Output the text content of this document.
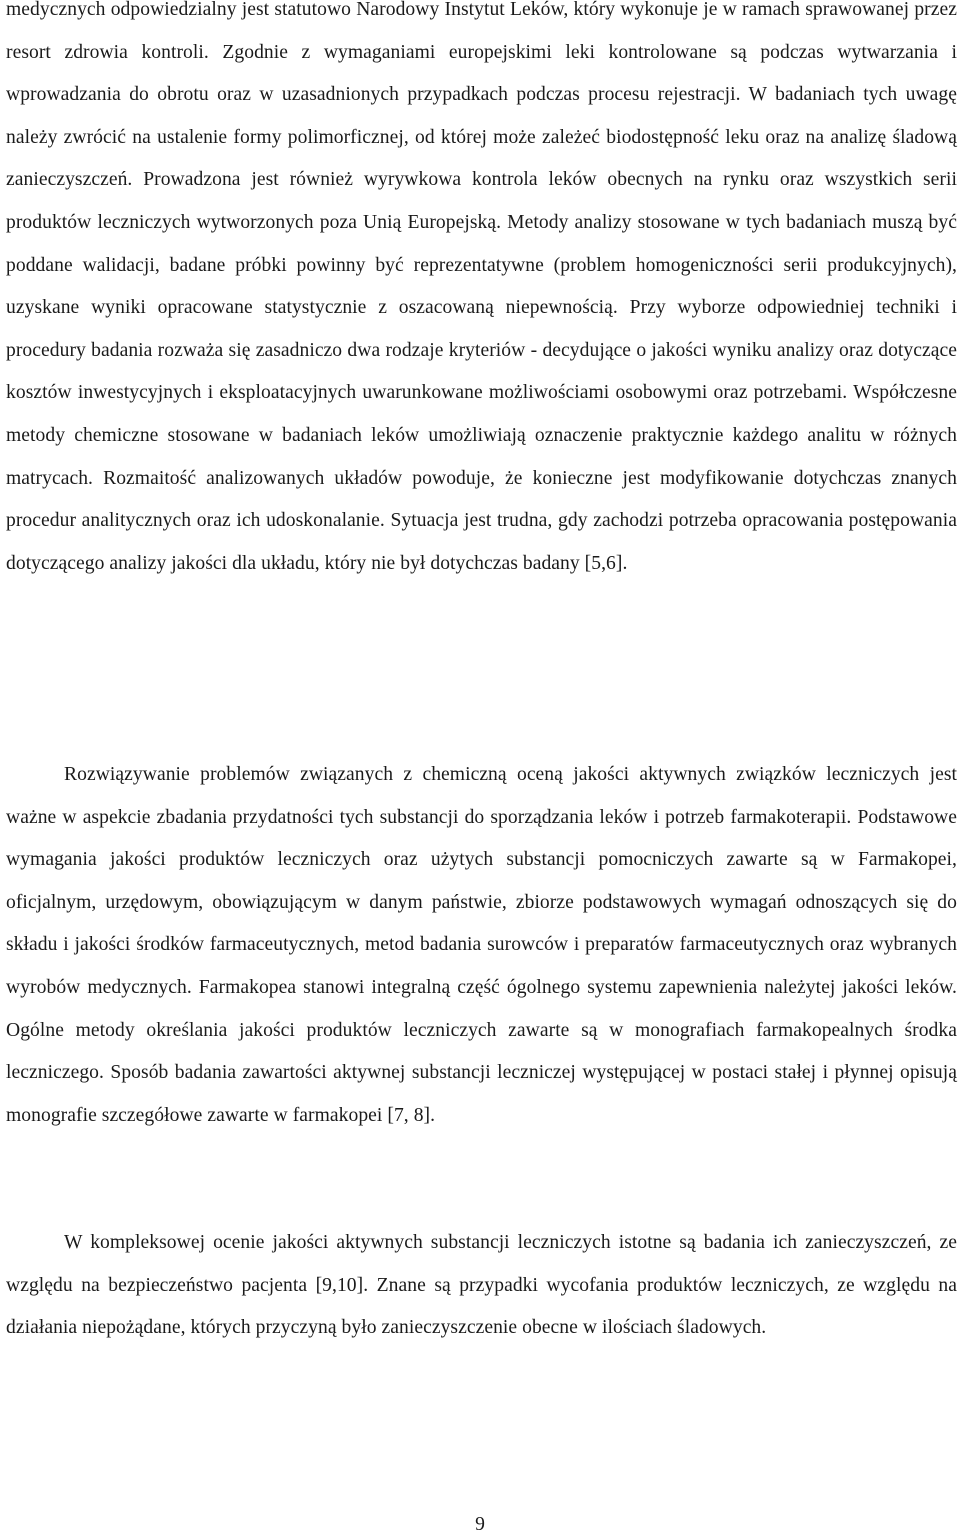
medycznych odpowiedzialny jest statutowo Narodowy Instytut Leków, który wykonuje je w ramach sprawowanej przez resort zdrowia kontroli. Zgodnie z wymaganiami europejskimi leki kontrolowane są podczas wytwarzania i wprowadzania do obrotu oraz w uzasadnionych przypadkach podczas procesu rejestracji. W badaniach tych uwagę należy zwrócić na ustalenie formy polimorficznej, od której może zależeć biodostępność leku oraz na analizę śladową zanieczyszczeń. Prowadzona jest również wyrywkowa kontrola leków obecnych na rynku oraz wszystkich serii produktów leczniczych wytworzonych poza Unią Europejską. Metody analizy stosowane w tych badaniach muszą być poddane walidacji, badane próbki powinny być reprezentatywne (problem homogeniczności serii produkcyjnych), uzyskane wyniki opracowane statystycznie z oszacowaną niepewnością. Przy wyborze odpowiedniej techniki i procedury badania rozważa się zasadniczo dwa rodzaje kryteriów - decydujące o jakości wyniku analizy oraz dotyczące kosztów inwestycyjnych i eksploatacyjnych uwarunkowane możliwościami osobowymi oraz potrzebami. Współczesne metody chemiczne stosowane w badaniach leków umożliwiają oznaczenie praktycznie każdego analitu w różnych matrycach. Rozmaitość analizowanych układów powoduje, że konieczne jest modyfikowanie dotychczas znanych procedur analitycznych oraz ich udoskonalanie. Sytuacja jest trudna, gdy zachodzi potrzeba opracowania postępowania dotyczącego analizy jakości dla układu, który nie był dotychczas badany [5,6].

Rozwiązywanie problemów związanych z chemiczną oceną jakości aktywnych związków leczniczych jest ważne w aspekcie zbadania przydatności tych substancji do sporządzania leków i potrzeb farmakoterapii. Podstawowe wymagania jakości produktów leczniczych oraz użytych substancji pomocniczych zawarte są w Farmakopei, oficjalnym, urzędowym, obowiązującym w danym państwie, zbiorze podstawowych wymagań odnoszących się do składu i jakości środków farmaceutycznych, metod badania surowców i preparatów farmaceutycznych oraz wybranych wyrobów medycznych. Farmakopea stanowi integralną część ógolnego systemu zapewnienia należytej jakości leków. Ogólne metody określania jakości produktów leczniczych zawarte są w monografiach farmakopealnych środka leczniczego. Sposób badania zawartości aktywnej substancji leczniczej występującej w postaci stałej i płynnej opisują monografie szczegółowe zawarte w farmakopei [7, 8].

W kompleksowej ocenie jakości aktywnych substancji leczniczych istotne są badania ich zanieczyszczeń, ze względu na bezpieczeństwo pacjenta [9,10]. Znane są przypadki wycofania produktów leczniczych, ze względu na działania niepożądane, których przyczyną było zanieczyszczenie obecne w ilościach śladowych.

9
